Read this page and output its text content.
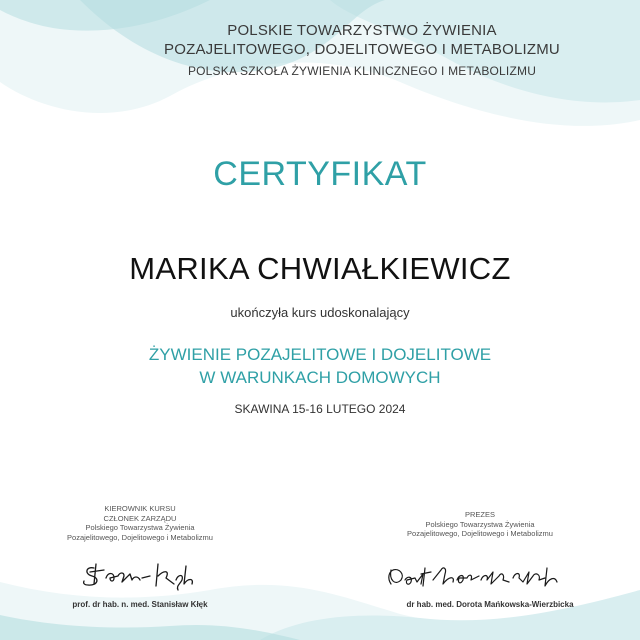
POLSKIE TOWARZYSTWO ŻYWIENIA
POZAJELITOWEGO, DOJELITOWEGO I METABOLIZMU
POLSKA SZKOŁA ŻYWIENIA KLINICZNEGO I METABOLIZMU
CERTYFIKAT
MARIKA CHWIAŁKIEWICZ
ukończyła kurs udoskonalający
ŻYWIENIE POZAJELITOWE I DOJELITOWE
W WARUNKACH DOMOWYCH
SKAWINA 15-16 LUTEGO 2024
KIEROWNIK KURSU
CZŁONEK ZARZĄDU
Polskiego Towarzystwa Żywienia
Pozajelitowego, Dojelitowego i Metabolizmu
prof. dr hab. n. med. Stanisław Kłęk
PREZES
Polskiego Towarzystwa Żywienia
Pozajelitowego, Dojelitowego i Metabolizmu
dr hab. med. Dorota Mańkowska-Wierzbicka
